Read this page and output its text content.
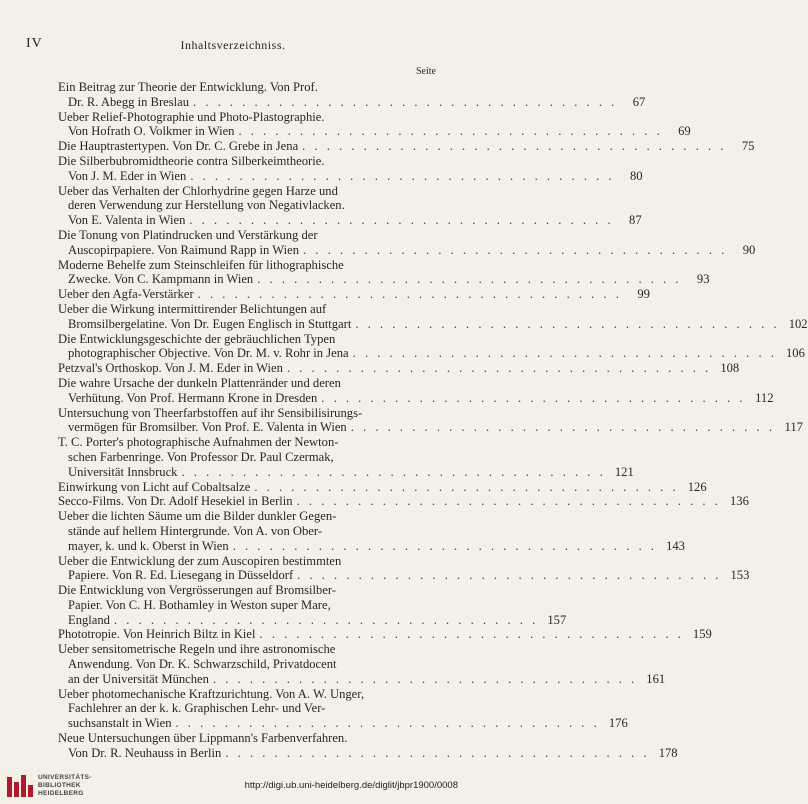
IV	Inhaltsverzeichniss.
Seite
Ein Beitrag zur Theorie der Entwicklung. Von Prof.
Dr. R. Abegg in Breslau . . . . . . . . . . . . . . . . . . . . . . . . . . . . . . . . . . .	67
Ueber Relief-Photographie und Photo-Plastographie.
Von Hofrath O. Volkmer in Wien . . . . . . . . . . . . . . . . . . . . . . . . . . . . . . . . . . .	69
Die Hauptrastertypen. Von Dr. C. Grebe in Jena . . . . . . . . . . . . . . . . . . . . . . . . . . . . . . . . . . .	75
Die Silberbubromidtheorie contra Silberkeimtheorie.
Von J. M. Eder in Wien . . . . . . . . . . . . . . . . . . . . . . . . . . . . . . . . . . .	80
Ueber das Verhalten der Chlorhydrine gegen Harze und
deren Verwendung zur Herstellung von Negativlacken.
Von E. Valenta in Wien . . . . . . . . . . . . . . . . . . . . . . . . . . . . . . . . . . .	87
Die Tonung von Platindrucken und Verstärkung der
Auscopirpapiere. Von Raimund Rapp in Wien . . . . . . . . . . . . . . . . . . . . . . . . . . . . . . . . . . .	90
Moderne Behelfe zum Steinschleifen für lithographische
Zwecke. Von C. Kampmann in Wien . . . . . . . . . . . . . . . . . . . . . . . . . . . . . . . . . . .	93
Ueber den Agfa-Verstärker . . . . . . . . . . . . . . . . . . . . . . . . . . . . . . . . . . .	99
Ueber die Wirkung intermittirender Belichtungen auf
Bromsilbergelatine. Von Dr. Eugen Englisch in Stuttgart . . . . . . . . . . . . . . . . . . . . . . . . . . . . . . . . . . . 102
Die Entwicklungsgeschichte der gebräuchlichen Typen
photographischer Objective. Von Dr. M. v. Rohr in Jena . . . . . . . . . . . . . . . . . . . . . . . . . . . . . . . . . . . 106
Petzval's Orthoskop. Von J. M. Eder in Wien . . . . . . . . . . . . . . . . . . . . . . . . . . . . . . . . . . . 108
Die wahre Ursache der dunkeln Plattenränder und deren
Verhütung. Von Prof. Hermann Krone in Dresden . . . . . . . . . . . . . . . . . . . . . . . . . . . . . . . . . . . 112
Untersuchung von Theerfarbstoffen auf ihr Sensibilisirungs-
vermögen für Bromsilber. Von Prof. E. Valenta in Wien . . . . . . . . . . . . . . . . . . . . . . . . . . . . . . . . . . . 117
T. C. Porter's photographische Aufnahmen der Newton-
schen Farbenringe. Von Professor Dr. Paul Czermak,
Universität Innsbruck . . . . . . . . . . . . . . . . . . . . . . . . . . . . . . . . . . . 121
Einwirkung von Licht auf Cobaltsalze . . . . . . . . . . . . . . . . . . . . . . . . . . . . . . . . . . . 126
Secco-Films. Von Dr. Adolf Hesekiel in Berlin . . . . . . . . . . . . . . . . . . . . . . . . . . . . . . . . . . . 136
Ueber die lichten Säume um die Bilder dunkler Gegen-
stände auf hellem Hintergrunde. Von A. von Ober-
mayer, k. und k. Oberst in Wien . . . . . . . . . . . . . . . . . . . . . . . . . . . . . . . . . . . 143
Ueber die Entwicklung der zum Auscopiren bestimmten
Papiere. Von R. Ed. Liesegang in Düsseldorf . . . . . . . . . . . . . . . . . . . . . . . . . . . . . . . . . . . 153
Die Entwicklung von Vergrösserungen auf Bromsilber-
Papier. Von C. H. Bothamley in Weston super Mare,
England . . . . . . . . . . . . . . . . . . . . . . . . . . . . . . . . . . . 157
Phototropie. Von Heinrich Biltz in Kiel . . . . . . . . . . . . . . . . . . . . . . . . . . . . . . . . . . . 159
Ueber sensitometrische Regeln und ihre astronomische
Anwendung. Von Dr. K. Schwarzschild, Privatdocent
an der Universität München . . . . . . . . . . . . . . . . . . . . . . . . . . . . . . . . . . . 161
Ueber photomechanische Kraftzurichtung. Von A. W. Unger,
Fachlehrer an der k. k. Graphischen Lehr- und Ver-
suchsanstalt in Wien . . . . . . . . . . . . . . . . . . . . . . . . . . . . . . . . . . . 176
Neue Untersuchungen über Lippmann's Farbenverfahren.
Von Dr. R. Neuhauss in Berlin . . . . . . . . . . . . . . . . . . . . . . . . . . . . . . . . . . . 178
UNIVERSITÄTS-
BIBLIOTHEK
HEIDELBERG
http://digi.ub.uni-heidelberg.de/diglit/jbpr1900/0008
